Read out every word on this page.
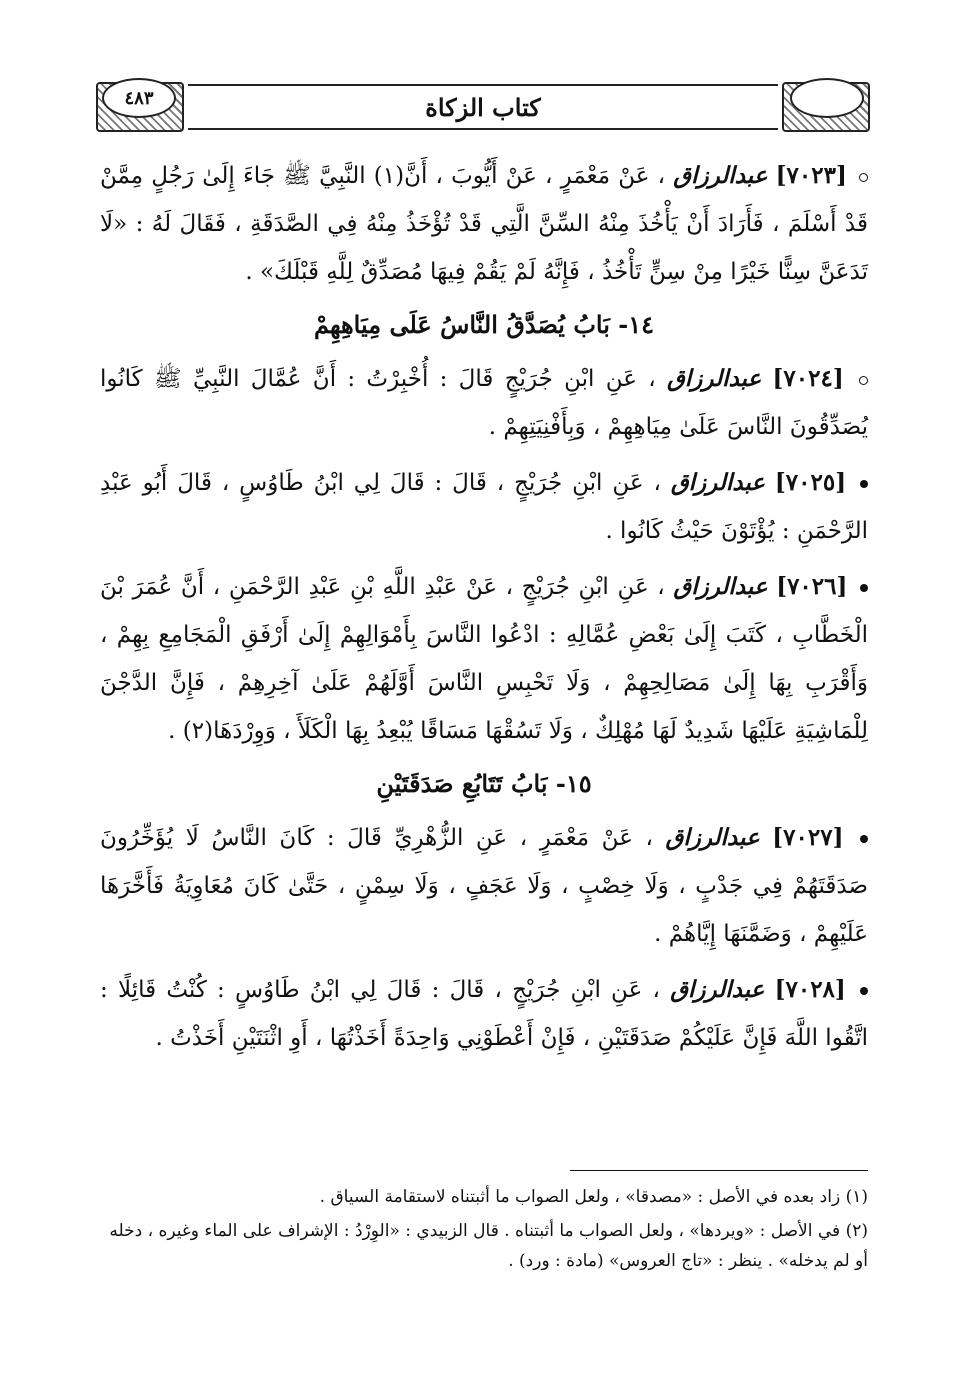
٤٨٣	كتاب الزكاة

[٧٠٢٣] عبدالرزاق ، عَنْ مَعْمَرٍ ، عَنْ أَيُّوبَ ، أَنَّ(١) النَّبِيَّ ﷺ جَاءَ إِلَىٰ رَجُلٍ مِمَّنْ قَدْ أَسْلَمَ ، فَأَرَادَ أَنْ يَأْخُذَ مِنْهُ السِّنَّ الَّتِي قَدْ تُؤْخَذُ مِنْهُ فِي الصَّدَقَةِ ، فَقَالَ لَهُ : «لَا تَدَعَنَّ سِنًّا خَيْرًا مِنْ سِنٍّ تَأْخُذُ ، فَإِنَّهُ لَمْ يَقُمْ فِيهَا مُصَدِّقٌ لِلَّهِ قَبْلَكَ» .

١٤- بَابُ يُصَدَّقُ النَّاسُ عَلَى مِيَاهِهِمْ

[٧٠٢٤] عبدالرزاق ، عَنِ ابْنِ جُرَيْجٍ قَالَ : أُخْبِرْتُ : أَنَّ عُمَّالَ النَّبِيِّ ﷺ كَانُوا يُصَدِّقُونَ النَّاسَ عَلَىٰ مِيَاهِهِمْ ، وَبِأَفْنِيَتِهِمْ .

[٧٠٢٥] عبدالرزاق ، عَنِ ابْنِ جُرَيْجٍ ، قَالَ : قَالَ لِي ابْنُ طَاوُسٍ ، قَالَ أَبُو عَبْدِ الرَّحْمَنِ : يُؤْتَوْنَ حَيْثُ كَانُوا .

[٧٠٢٦] عبدالرزاق ، عَنِ ابْنِ جُرَيْجٍ ، عَنْ عَبْدِ اللَّهِ بْنِ عَبْدِ الرَّحْمَنِ ، أَنَّ عُمَرَ بْنَ الْخَطَّابِ ، كَتَبَ إِلَىٰ بَعْضِ عُمَّالِهِ : ادْعُوا النَّاسَ بِأَمْوَالِهِمْ إِلَىٰ أَرْفَقِ الْمَجَامِعِ بِهِمْ ، وَأَقْرَبِ بِهَا إِلَىٰ مَصَالِحِهِمْ ، وَلَا تَحْبِسِ النَّاسَ أَوَّلَهُمْ عَلَىٰ آخِرِهِمْ ، فَإِنَّ الدَّجْنَ لِلْمَاشِيَةِ عَلَيْهَا شَدِيدٌ لَهَا مُهْلِكٌ ، وَلَا تَسُقْهَا مَسَاقًا يُبْعِدُ بِهَا الْكَلَأَ ، وَوِرْدَهَا(٢) .

١٥- بَابُ تَتَابُعِ صَدَقَتَيْنِ

[٧٠٢٧] عبدالرزاق ، عَنْ مَعْمَرٍ ، عَنِ الزُّهْرِيِّ قَالَ : كَانَ النَّاسُ لَا يُؤَخِّرُونَ صَدَقَتَهُمْ فِي جَدْبٍ ، وَلَا خِصْبٍ ، وَلَا عَجَفٍ ، وَلَا سِمْنٍ ، حَتَّىٰ كَانَ مُعَاوِيَةُ فَأَخَّرَهَا عَلَيْهِمْ ، وَضَمَّنَهَا إِيَّاهُمْ .

[٧٠٢٨] عبدالرزاق ، عَنِ ابْنِ جُرَيْجٍ ، قَالَ : قَالَ لِي ابْنُ طَاوُسٍ : كُنْتُ قَائِلًا : اتَّقُوا اللَّهَ فَإِنَّ عَلَيْكُمْ صَدَقَتَيْنِ ، فَإِنْ أَعْطَوْنِي وَاحِدَةً أَخَذْتُهَا ، أَوِ اثْنَتَيْنِ أَخَذْتُ .

(١) زاد بعده في الأصل : «مصدقا» ، ولعل الصواب ما أثبتناه لاستقامة السياق .

(٢) في الأصل : «ويردها» ، ولعل الصواب ما أثبتناه . قال الزبيدي : «الوِرْدُ : الإشراف على الماء وغيره ، دخله أو لم يدخله» . ينظر : «تاج العروس» (مادة : ورد) .
